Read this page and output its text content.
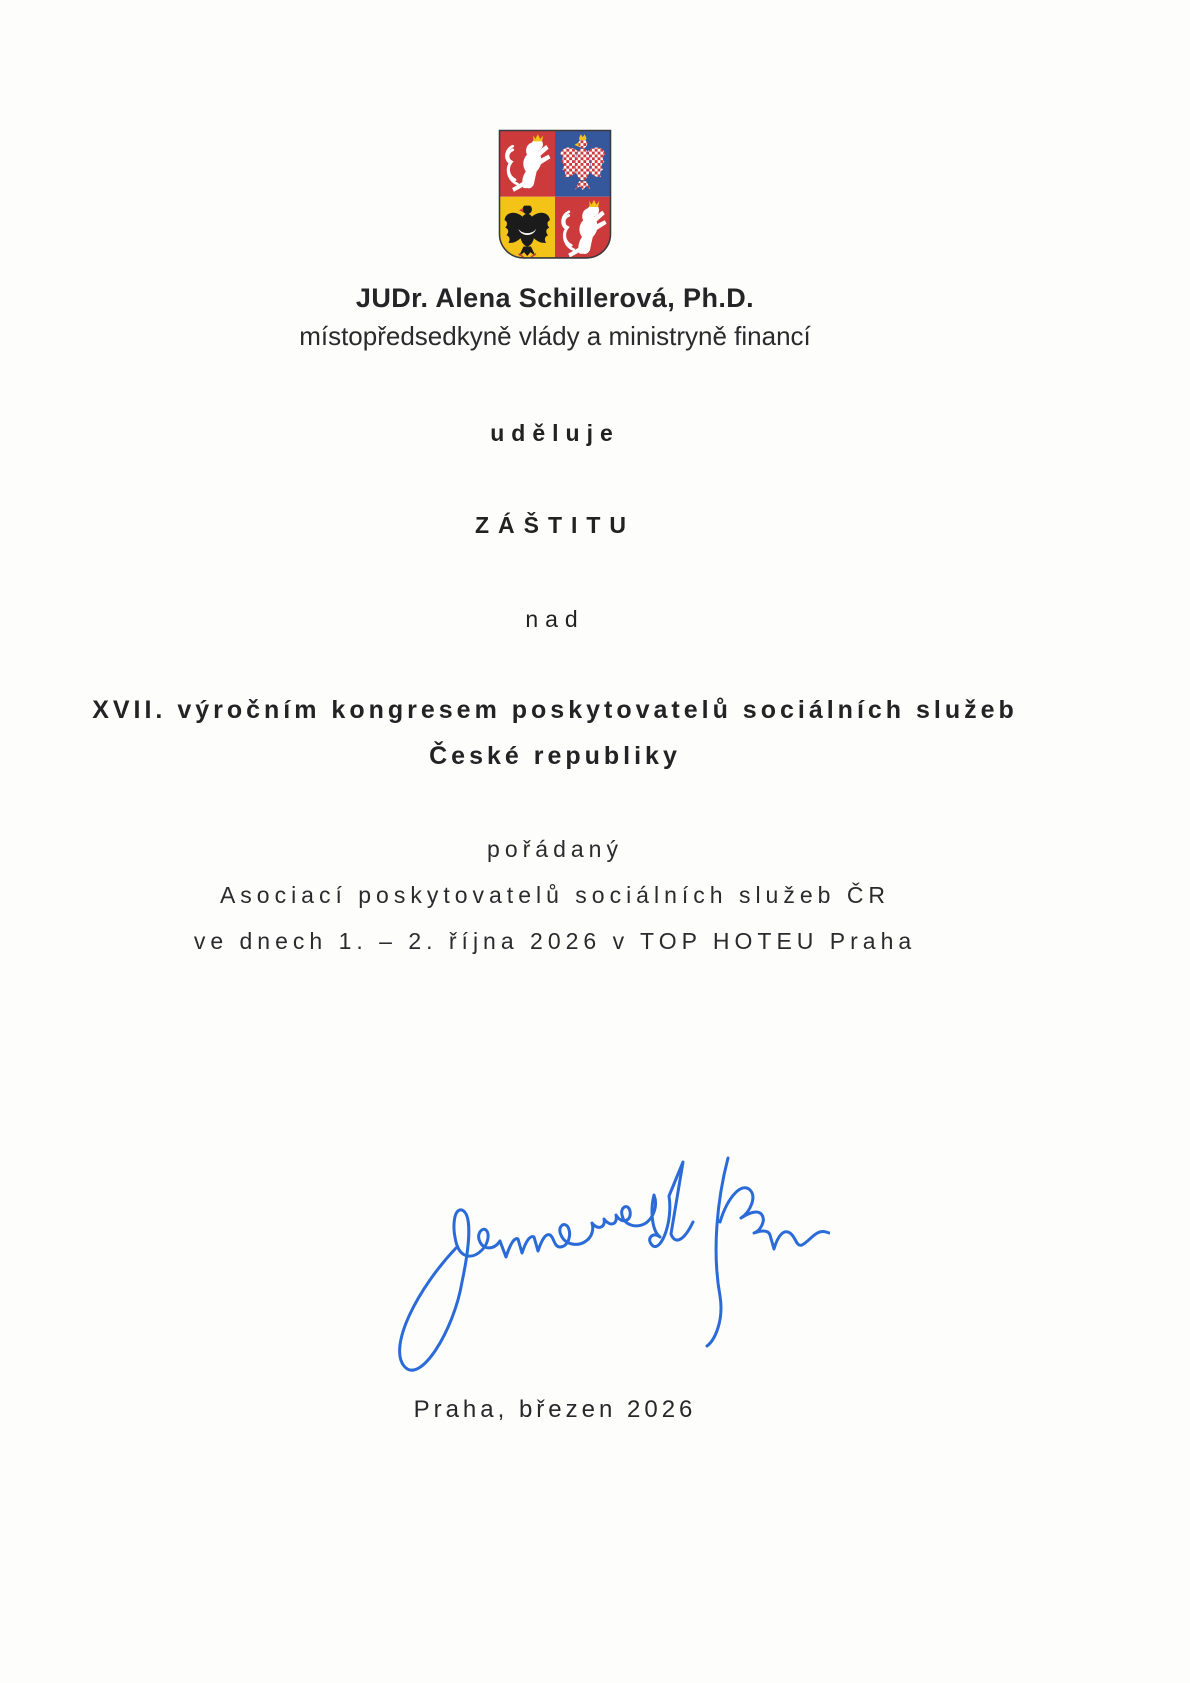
JUDr. Alena Schillerová, Ph.D.
místopředsedkyně vlády a ministryně financí
uděluje
ZÁŠTITU
nad
XVII. výročním kongresem poskytovatelů sociálních služeb
České republiky
pořádaný
Asociací poskytovatelů sociálních služeb ČR
ve dnech 1. – 2. října 2026 v TOP HOTEU Praha
Praha, březen 2026
